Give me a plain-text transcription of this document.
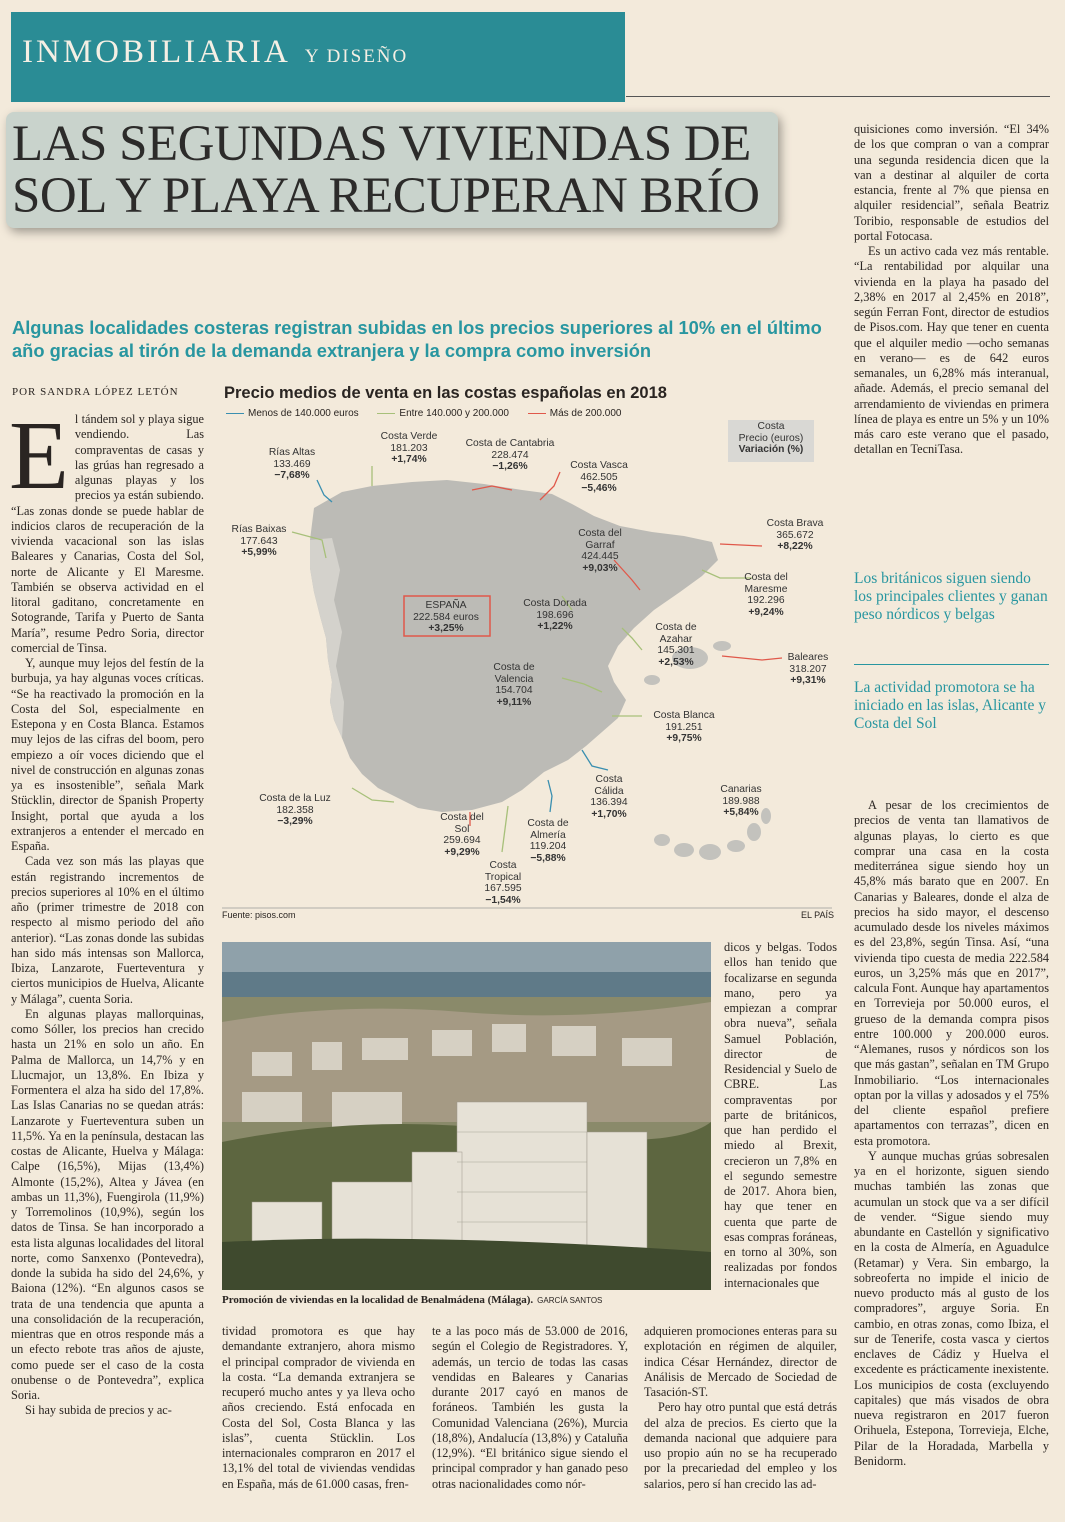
INMOBILIARIA Y DISEÑO
LAS SEGUNDAS VIVIENDAS DE SOL Y PLAYA RECUPERAN BRÍO
Algunas localidades costeras registran subidas en los precios superiores al 10% en el último año gracias al tirón de la demanda extranjera y la compra como inversión
POR SANDRA LÓPEZ LETÓN
E l tándem sol y playa sigue vendiendo. Las compraventas de casas y las grúas han regresado a algunas playas y los precios ya están subiendo. “Las zonas donde se puede hablar de indicios claros de recuperación de la vivienda vacacional son las islas Baleares y Canarias, Costa del Sol, norte de Alicante y El Maresme. También se observa actividad en el litoral gaditano, concretamente en Sotogrande, Tarifa y Puerto de Santa María”, resume Pedro Soria, director comercial de Tinsa.

Y, aunque muy lejos del festín de la burbuja, ya hay algunas voces críticas. “Se ha reactivado la promoción en la Costa del Sol, especialmente en Estepona y en Costa Blanca. Estamos muy lejos de las cifras del boom, pero empiezo a oír voces diciendo que el nivel de construcción en algunas zonas ya es insostenible”, señala Mark Stücklin, director de Spanish Property Insight, portal que ayuda a los extranjeros a entender el mercado en España.

Cada vez son más las playas que están registrando incrementos de precios superiores al 10% en el último año (primer trimestre de 2018 con respecto al mismo periodo del año anterior). “Las zonas donde las subidas han sido más intensas son Mallorca, Ibiza, Lanzarote, Fuerteventura y ciertos municipios de Huelva, Alicante y Málaga”, cuenta Soria.

En algunas playas mallorquinas, como Sóller, los precios han crecido hasta un 21% en solo un año. En Palma de Mallorca, un 14,7% y en Llucmajor, un 13,8%. En Ibiza y Formentera el alza ha sido del 17,8%. Las Islas Canarias no se quedan atrás: Lanzarote y Fuerteventura suben un 11,5%. Ya en la península, destacan las costas de Alicante, Huelva y Málaga: Calpe (16,5%), Mijas (13,4%) Almonte (15,2%), Altea y Jávea (en ambas un 11,3%), Fuengirola (11,9%) y Torremolinos (10,9%), según los datos de Tinsa. Se han incorporado a esta lista algunas localidades del litoral norte, como Sanxenxo (Pontevedra), donde la subida ha sido del 24,6%, y Baiona (12%). “En algunos casos se trata de una tendencia que apunta a una consolidación de la recuperación, mientras que en otros responde más a un efecto rebote tras años de ajuste, como puede ser el caso de la costa onubense o de Pontevedra”, explica Soria.

Si hay subida de precios y ac-

Precio medios de venta en las costas españolas en 2018
Menos de 140.000 euros	Entre 140.000 y 200.000	Más de 200.000
Costa
Precio (euros)

Variación (%)
Rías Altas
133.469
−7,68%
Costa Verde
181.203
+1,74%
Costa de Cantabria
228.474
−1,26%	Costa Vasca
462.505
−5,46%
Rías Baixas
177.643
+5,99%
Costa del Garraf
424.445
+9,03%
Costa Brava
365.672
+8,22%
Costa del Maresme
192.296
+9,24%
ESPAÑA
222.584 euros
+3,25%
Costa Dorada
198.696
+1,22%	Costa de Azahar
145.301
+2,53%	Baleares
318.207
+9,31%
Costa de Valencia
154.704
+9,11%
Costa Blanca
191.251
+9,75%
Costa de la Luz
182.358
−3,29%
Costa Cálida
136.394
+1,70%
Canarias
189.988
+5,84%
Costa del Sol
259.694
+9,29%
Costa de Almería
119.204
−5,88%
Costa Tropical
167.595
−1,54%
Fuente: pisos.com	EL PAÍS
Promoción de viviendas en la localidad de Benalmádena (Málaga). GARCÍA SANTOS

tividad promotora es que hay demandante extranjero, ahora mismo el principal comprador de vivienda en la costa. “La demanda extranjera se recuperó mucho antes y ya lleva ocho años creciendo. Está enfocada en Costa del Sol, Costa Blanca y las islas”, cuenta Stücklin. Los internacionales compraron en 2017 el 13,1% del total de viviendas vendidas en España, más de 61.000 casas, fren-

te a las poco más de 53.000 de 2016, según el Colegio de Registradores. Y, además, un tercio de todas las casas vendidas en Baleares y Canarias durante 2017 cayó en manos de foráneos. También les gusta la Comunidad Valenciana (26%), Murcia (18,8%), Andalucía (13,8%) y Cataluña (12,9%). “El británico sigue siendo el principal comprador y han ganado peso otras nacionalidades como nór-

dicos y belgas. Todos ellos han tenido que focalizarse en segunda mano, pero ya empiezan a comprar obra nueva”, señala Samuel Población, director de Residencial y Suelo de CBRE. Las compraventas por parte de británicos, que han perdido el miedo al Brexit, crecieron un 7,8% en el segundo semestre de 2017. Ahora bien, hay que tener en cuenta que parte de esas compras foráneas, en torno al 30%, son realizadas por fondos internacionales que

adquieren promociones enteras para su explotación en régimen de alquiler, indica César Hernández, director de Análisis de Mercado de Sociedad de Tasación-ST.

Pero hay otro puntal que está detrás del alza de precios. Es cierto que la demanda nacional que adquiere para uso propio aún no se ha recuperado por la precariedad del empleo y los salarios, pero sí han crecido las ad-

quisiciones como inversión. “El 34% de los que compran o van a comprar una segunda residencia dicen que la van a destinar al alquiler de corta estancia, frente al 7% que piensa en alquiler residencial”, señala Beatriz Toribio, responsable de estudios del portal Fotocasa.

Es un activo cada vez más rentable. “La rentabilidad por alquilar una vivienda en la playa ha pasado del 2,38% en 2017 al 2,45% en 2018”, según Ferran Font, director de estudios de Pisos.com. Hay que tener en cuenta que el alquiler medio —ocho semanas en verano— es de 642 euros semanales, un 6,28% más interanual, añade. Además, el precio semanal del arrendamiento de viviendas en primera línea de playa es entre un 5% y un 10% más caro este verano que el pasado, detallan en TecniTasa.

Los británicos siguen siendo los principales clientes y ganan peso nórdicos y belgas
La actividad promotora se ha iniciado en las islas, Alicante y Costa del Sol

A pesar de los crecimientos de precios de venta tan llamativos de algunas playas, lo cierto es que comprar una casa en la costa mediterránea sigue siendo hoy un 45,8% más barato que en 2007. En Canarias y Baleares, donde el alza de precios ha sido mayor, el descenso acumulado desde los niveles máximos es del 23,8%, según Tinsa. Así, “una vivienda tipo cuesta de media 222.584 euros, un 3,25% más que en 2017”, calcula Font. Aunque hay apartamentos en Torrevieja por 50.000 euros, el grueso de la demanda compra pisos entre 100.000 y 200.000 euros. “Alemanes, rusos y nórdicos son los que más gastan”, señalan en TM Grupo Inmobiliario. “Los internacionales optan por la villas y adosados y el 75% del cliente español prefiere apartamentos con terrazas”, dicen en esta promotora.

Y aunque muchas grúas sobresalen ya en el horizonte, siguen siendo muchas también las zonas que acumulan un stock que va a ser difícil de vender. “Sigue siendo muy abundante en Castellón y significativo en la costa de Almería, en Aguadulce (Retamar) y Vera. Sin embargo, la sobreoferta no impide el inicio de nuevo producto más al gusto de los compradores”, arguye Soria. En cambio, en otras zonas, como Ibiza, el sur de Tenerife, costa vasca y ciertos enclaves de Cádiz y Huelva el excedente es prácticamente inexistente. Los municipios de costa (excluyendo capitales) que más visados de obra nueva registraron en 2017 fueron Orihuela, Estepona, Torrevieja, Elche, Pilar de la Horadada, Marbella y Benidorm.
